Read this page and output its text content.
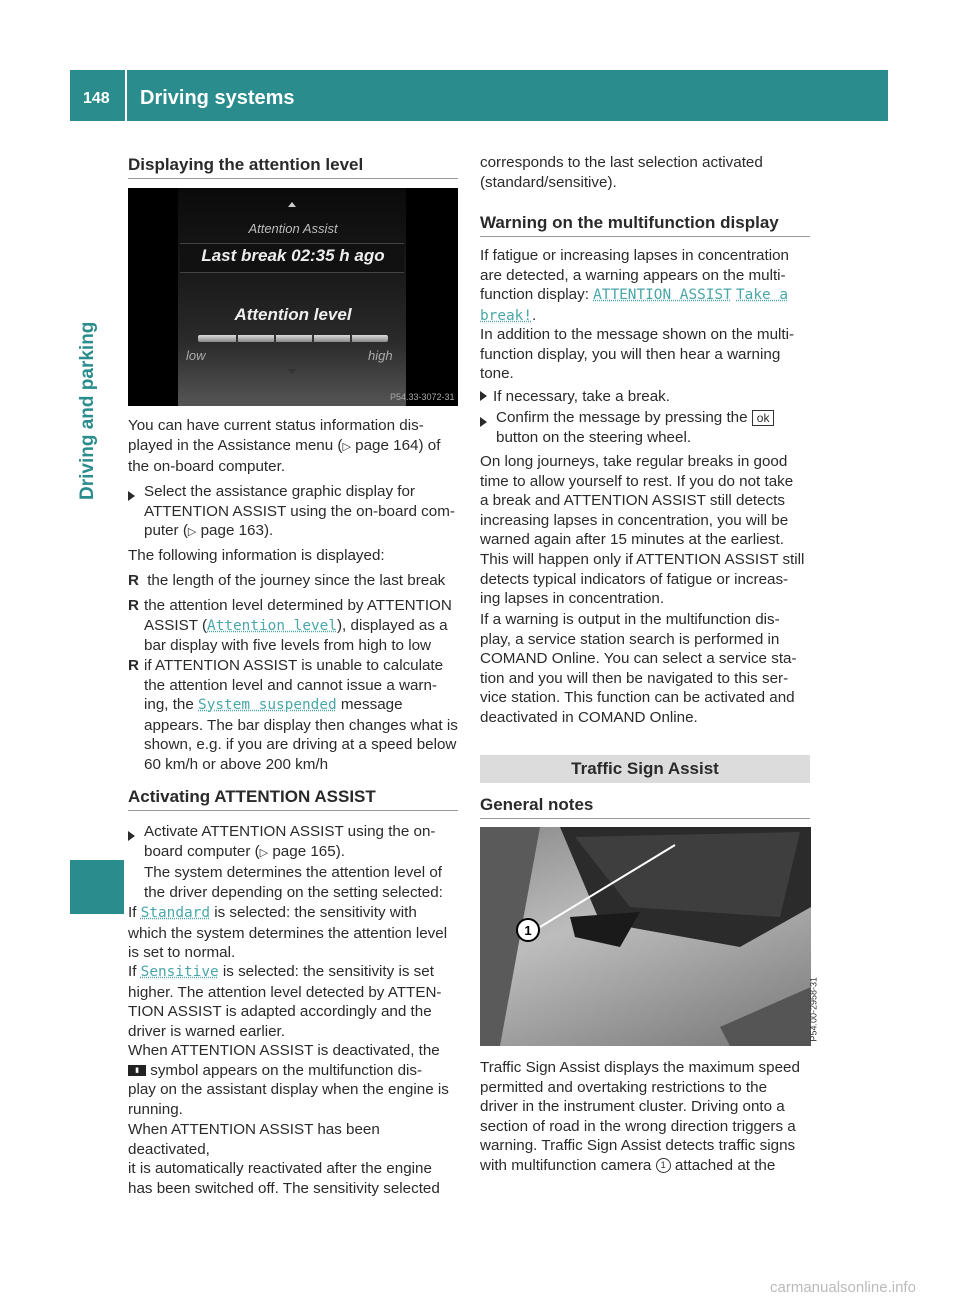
148 Driving systems
Driving and parking
Displaying the attention level
Attention Assist
Last break 02:35 h ago
Attention level
low	high
P54.33-3072-31
You can have current status information dis-
played in the Assistance menu (▷ page 164) of
the on-board computer.
Select the assistance graphic display for
ATTENTION ASSIST using the on-board com-
puter (▷ page 163).
The following information is displayed:
R the length of the journey since the last break
R the attention level determined by ATTENTION
ASSIST (Attention level), displayed as a
bar display with five levels from high to low
R if ATTENTION ASSIST is unable to calculate
the attention level and cannot issue a warn-
ing, the System suspended message
appears. The bar display then changes what is
shown, e.g. if you are driving at a speed below
60 km/h or above 200 km/h
Activating ATTENTION ASSIST
Activate ATTENTION ASSIST using the on-
board computer (▷ page 165).
The system determines the attention level of
the driver depending on the setting selected:
If Standard is selected: the sensitivity with
which the system determines the attention level
is set to normal.
If Sensitive is selected: the sensitivity is set
higher. The attention level detected by ATTEN-
TION ASSIST is adapted accordingly and the
driver is warned earlier.
When ATTENTION ASSIST is deactivated, the
▮ symbol appears on the multifunction dis-
play on the assistant display when the engine is
running.
When ATTENTION ASSIST has been deactivated,
it is automatically reactivated after the engine
has been switched off. The sensitivity selected
corresponds to the last selection activated
(standard/sensitive).
Warning on the multifunction display
If fatigue or increasing lapses in concentration
are detected, a warning appears on the multi-
function display: ATTENTION ASSIST Take a
break!.
In addition to the message shown on the multi-
function display, you will then hear a warning
tone.
If necessary, take a break.
Confirm the message by pressing the ok
button on the steering wheel.
On long journeys, take regular breaks in good
time to allow yourself to rest. If you do not take
a break and ATTENTION ASSIST still detects
increasing lapses in concentration, you will be
warned again after 15 minutes at the earliest.
This will happen only if ATTENTION ASSIST still
detects typical indicators of fatigue or increas-
ing lapses in concentration.
If a warning is output in the multifunction dis-
play, a service station search is performed in
COMAND Online. You can select a service sta-
tion and you will then be navigated to this ser-
vice station. This function can be activated and
deactivated in COMAND Online.
Traffic Sign Assist
General notes
1
P54.00-2958-31
Traffic Sign Assist displays the maximum speed
permitted and overtaking restrictions to the
driver in the instrument cluster. Driving onto a
section of road in the wrong direction triggers a
warning. Traffic Sign Assist detects traffic signs
with multifunction camera 1 attached at the
carmanualsonline.info
